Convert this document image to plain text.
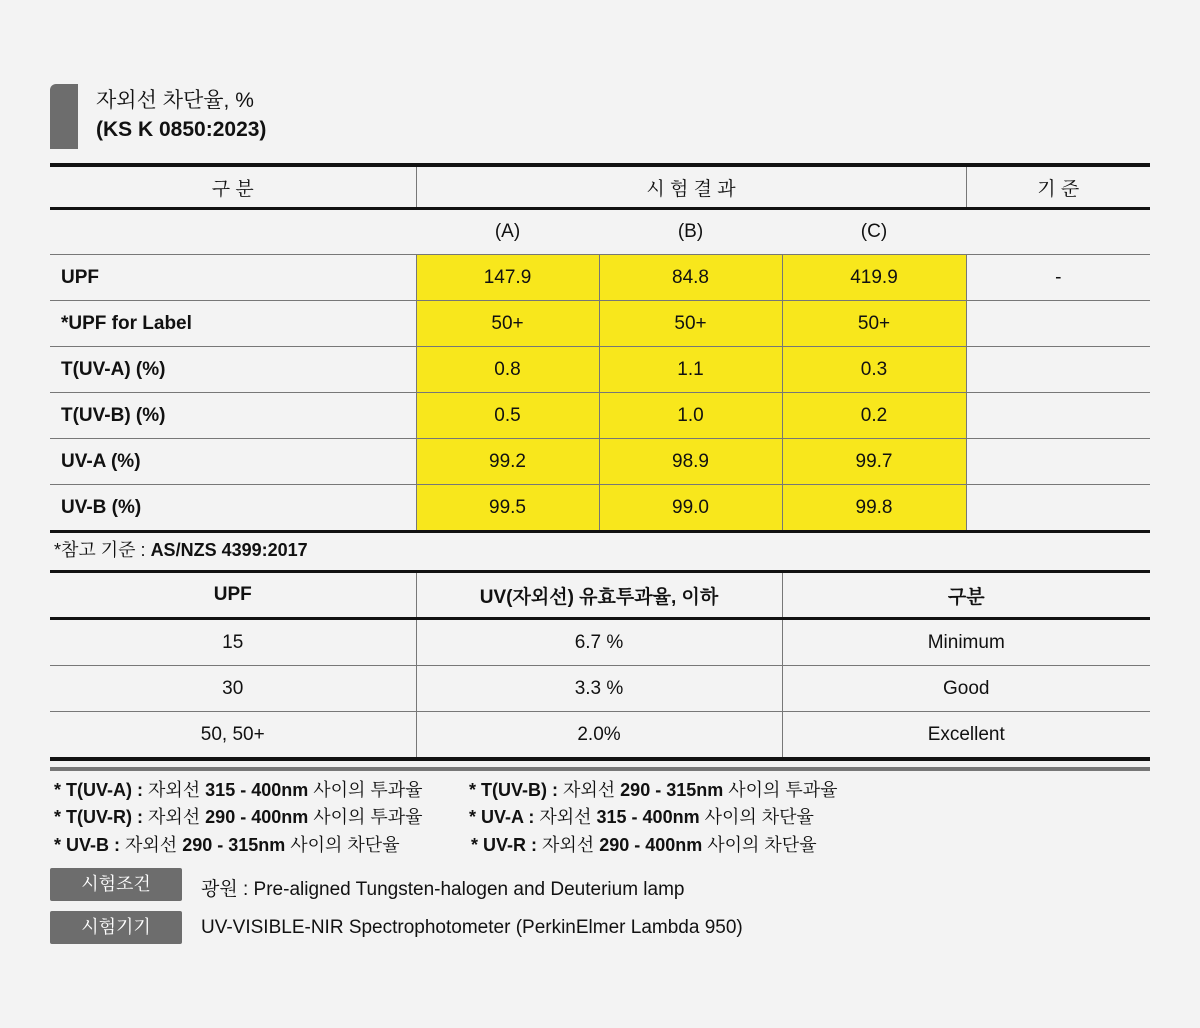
자외선 차단율, %
(KS K 0850:2023)
구 분	시 험 결 과			기 준
	(A)	(B)	(C)	
UPF	147.9	84.8	419.9	-
*UPF for Label	50+	50+	50+	
T(UV-A) (%)	0.8	1.1	0.3	
T(UV-B) (%)	0.5	1.0	0.2	
UV-A (%)	99.2	98.9	99.7	
UV-B (%)	99.5	99.0	99.8	
*참고 기준 : AS/NZS 4399:2017
UPF	UV(자외선) 유효투과율, 이하	구분
15	6.7 %	Minimum
30	3.3 %	Good
50, 50+	2.0%	Excellent
* T(UV-A) : 자외선 315 - 400nm 사이의 투과율	* T(UV-B) : 자외선 290 - 315nm 사이의 투과율
* T(UV-R) : 자외선 290 - 400nm 사이의 투과율	* UV-A : 자외선 315 - 400nm 사이의 차단율
* UV-B : 자외선 290 - 315nm 사이의 차단율	* UV-R : 자외선 290 - 400nm 사이의 차단율
시험조건	광원 : Pre-aligned Tungsten-halogen and Deuterium lamp
시험기기	UV-VISIBLE-NIR Spectrophotometer (PerkinElmer Lambda 950)
